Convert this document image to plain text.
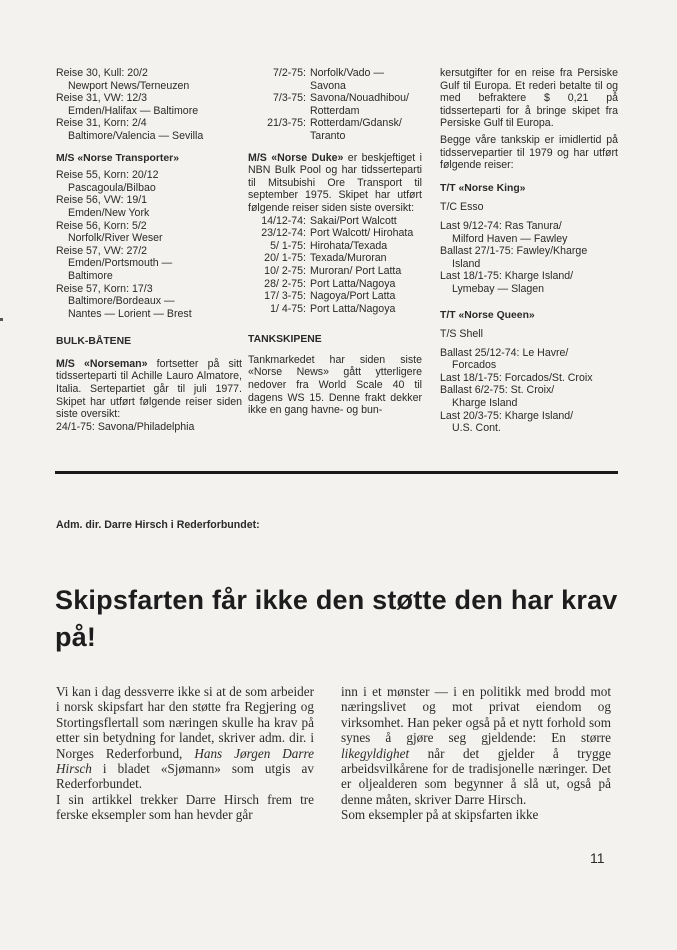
Reise 30, Kull: 20/2
Newport News/Terneuzen

Reise 31, VW: 12/3
Emden/Halifax — Baltimore

Reise 31, Korn: 2/4
Baltimore/Valencia — Sevilla

M/S «Norse Transporter»

Reise 55, Korn: 20/12
Pascagoula/Bilbao

Reise 56, VW: 19/1
Emden/New York

Reise 56, Korn: 5/2
Norfolk/River Weser

Reise 57, VW: 27/2
Emden/Portsmouth —
Baltimore

Reise 57, Korn: 17/3
Baltimore/Bordeaux —
Nantes — Lorient — Brest

BULK-BÅTENE

M/S «Norseman» fortsetter på sitt tidsserteparti til Achille Lauro Almatore, Italia. Sertepartiet går til juli 1977. Skipet har utført følgende reiser siden siste oversikt:

24/1-75: Savona/Philadelphia

7/2-75: Norfolk/Vado — Savona
7/3-75: Savona/Nouadhibou/ Rotterdam
21/3-75: Rotterdam/Gdansk/ Taranto

M/S «Norse Duke» er beskjeftiget i NBN Bulk Pool og har tidsserteparti til Mitsubishi Ore Transport til september 1975. Skipet har utført følgende reiser siden siste oversikt:

14/12-74: Sakai/Port Walcott
23/12-74: Port Walcott/ Hirohata
5/ 1-75: Hirohata/Texada
20/ 1-75: Texada/Muroran
10/ 2-75: Muroran/ Port Latta
28/ 2-75: Port Latta/Nagoya
17/ 3-75: Nagoya/Port Latta
1/ 4-75: Port Latta/Nagoya

TANKSKIPENE

Tankmarkedet har siden siste «Norse News» gått ytterligere nedover fra World Scale 40 til dagens WS 15. Denne frakt dekker ikke en gang havne- og bun-

kersutgifter for en reise fra Persiske Gulf til Europa. Et rederi betalte til og med befraktere $ 0,21 på tidsserteparti for å bringe skipet fra Persiske Gulf til Europa.

Begge våre tankskip er imidlertid på tidsservepartier til 1979 og har utført følgende reiser:

T/T «Norse King»

T/C Esso

Last 9/12-74: Ras Tanura/
Milford Haven — Fawley

Ballast 27/1-75: Fawley/Kharge
Island

Last 18/1-75: Kharge Island/
Lymebay — Slagen

T/T «Norse Queen»

T/S Shell

Ballast 25/12-74: Le Havre/
Forcados

Last 18/1-75: Forcados/St. Croix

Ballast 6/2-75: St. Croix/
Kharge Island

Last 20/3-75: Kharge Island/
U.S. Cont.

Adm. dir. Darre Hirsch i Rederforbundet:
Skipsfarten får ikke den støtte den har krav på!

Vi kan i dag dessverre ikke si at de som arbeider i norsk skipsfart har den støtte fra Regjering og Stortingsflertall som næringen skulle ha krav på etter sin betydning for landet, skriver adm. dir. i Norges Rederforbund, Hans Jørgen Darre Hirsch i bladet «Sjømann» som utgis av Rederforbundet.

I sin artikkel trekker Darre Hirsch frem tre ferske eksempler som han hevder går

inn i et mønster — i en politikk med brodd mot næringslivet og mot privat eiendom og virksomhet. Han peker også på et nytt forhold som synes å gjøre seg gjeldende: En større likegyldighet når det gjelder å trygge arbeidsvilkårene for de tradisjonelle næringer. Det er oljealderen som begynner å slå ut, også på denne måten, skriver Darre Hirsch.

Som eksempler på at skipsfarten ikke

11
